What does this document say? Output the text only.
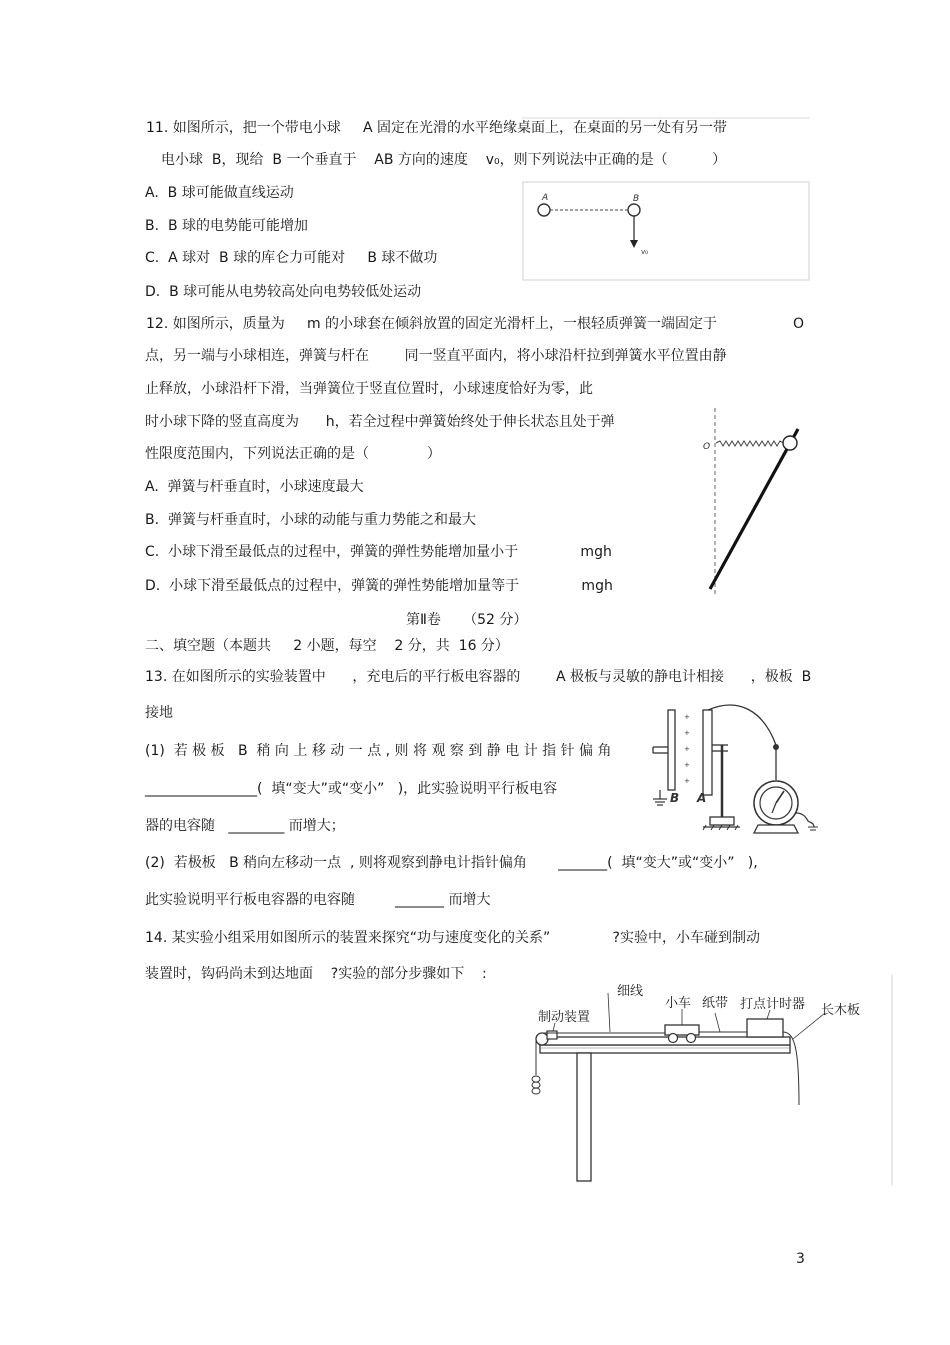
11. 如图所示，把一个带电小球     A 固定在光滑的水平绝缘桌面上，在桌面的另一处有另一带
电小球  B，现给  B 一个垂直于    AB 方向的速度    v₀，则下列说法中正确的是（          ）
A.  B 球可能做直线运动
B.  B 球的电势能可能增加
C.  A 球对  B 球的库仑力可能对     B 球不做功
D.  B 球可能从电势较高处向电势较低处运动
A	B
v₀
12. 如图所示，质量为     m 的小球套在倾斜放置的固定光滑杆上，一根轻质弹簧一端固定于	O
点，另一端与小球相连，弹簧与杆在        同一竖直平面内，将小球沿杆拉到弹簧水平位置由静
止释放，小球沿杆下滑，当弹簧位于竖直位置时，小球速度恰好为零，此
时小球下降的竖直高度为      h，若全过程中弹簧始终处于伸长状态且处于弹
性限度范围内，下列说法正确的是（             ）
A.  弹簧与杆垂直时，小球速度最大
B.  弹簧与杆垂直时，小球的动能与重力势能之和最大
C.  小球下滑至最低点的过程中，弹簧的弹性势能增加量小于              mgh
D.  小球下滑至最低点的过程中，弹簧的弹性势能增加量等于              mgh
O
第Ⅱ卷     （52 分）
二、填空题（本题共     2 小题，每空    2 分，共  16 分）
13. 在如图所示的实验装置中      ，充电后的平行板电容器的        A 极板与灵敏的静电计相接      ，极板  B
接地
(1)  若 极 板   B  稍 向 上 移 动 一 点 , 则 将 观 察 到 静 电 计 指 针 偏 角
________________(  填“变大”或“变小”   )，此实验说明平行板电容
器的电容随   ________ 而增大；
(2)  若极板   B 稍向左移动一点  , 则将观察到静电计指针偏角       _______(  填“变大”或“变小”   ),
此实验说明平行板电容器的电容随         _______ 而增大
+
+
+
+
+
B A
14. 某实验小组采用如图所示的装置来探究“功与速度变化的关系”              ?实验中，小车碰到制动
装置时，钩码尚未到达地面    ?实验的部分步骤如下    :
细线
制动装置
小车 纸带 打点计时器 长木板
3
